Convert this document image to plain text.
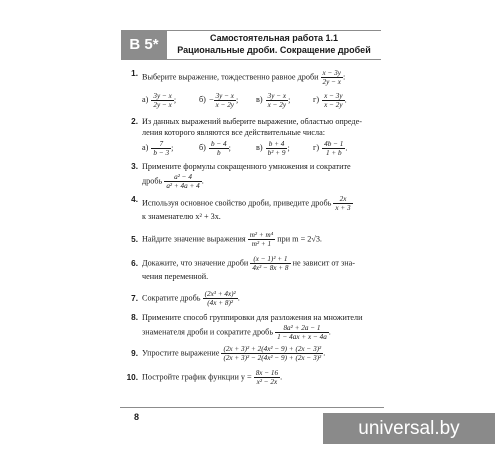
В 5*	Самостоятельная работа 1.1
Рациональные дроби. Сокращение дробей
1. Выберите выражение, тождественно равное дроби $\frac{x - 3y}{2y - x}$ :
$а) \frac{3y - x}{2y - x}$ ;	$б) - \frac{3y - x}{x - 2y}$ ;	$в) \frac{3y - x}{x - 2y}$ ;	$г) \frac{x - 3y}{x - 2y}$ .
2. Из данных выражений выберите выражение, областью опреде-
ления которого являются все действительные числа:
$а) \frac{7}{b - 3}$ ;	$б) \frac{b - 4}{b}$ ;	$в) \frac{b + 4}{\text{b² + 9}}$ ;	$г) \frac{4b - 1}{1 + b}$ .
3. Примените формулы сокращенного умножения и сократите
дробь $\frac{\text{a² − 4}}{\text{a² + 4a + 4}}$ .
4. Используя основное свойство дроби, приведите дробь $\frac{2x}{x + 3}$
к знаменателю x² + 3x.
5. Найдите значение выражения $\frac{\text{m² + m⁴}}{\text{m² + 1}}$ при m = 2√3.
6. Докажите, что значение дроби $\frac{\text{(x − 1)² + 1}}{\text{4x² − 8x + 8}}$ не зависит от зна-
чения переменной.
7. Сократите дробь $\frac{\text{(2x³ + 4x)²}}{\text{(4x + 8)²}}$ .
8. Примените способ группировки для разложения на множители
знаменателя дроби и сократите дробь $\frac{\text{8a² + 2a − 1}}{1 - 4ax + x - 4a}$ .
9. Упростите выражение $\frac{\text{(2x + 3)² + 2(4x² − 9) + (2x − 3)²}}{\text{(2x + 3)² − 2(4x² − 9) + (2x − 3)²}}$ .
10. Постройте график функции $y = \frac{8x - 16}{\text{x² − 2x}}$ .
8
universal.by
